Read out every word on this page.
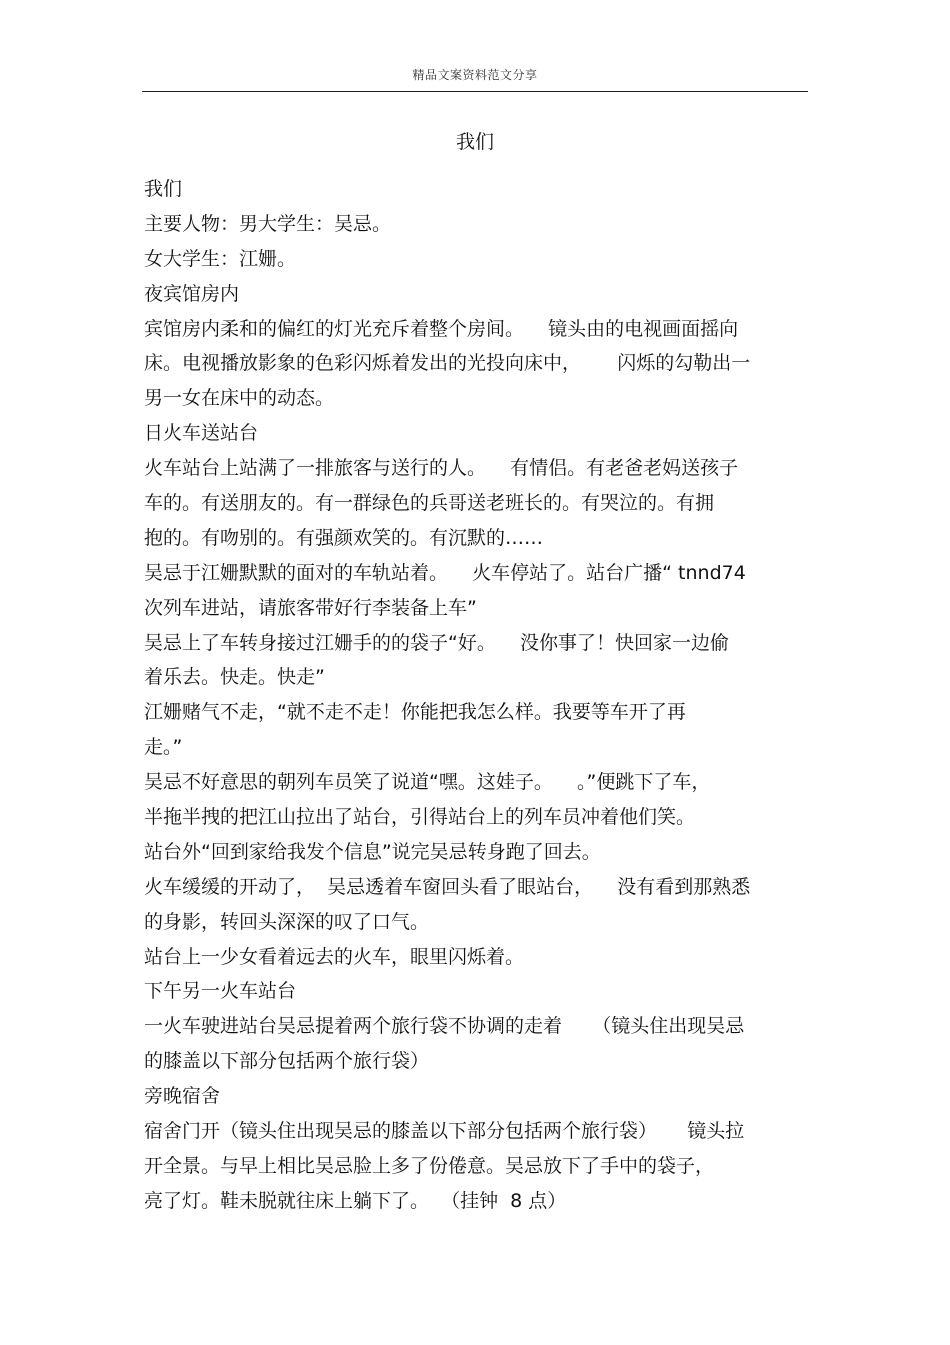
精品文案资料范文分享
我们
我们
主要人物：男大学生：吴忌。
女大学生：江姗。
夜宾馆房内
宾馆房内柔和的偏红的灯光充斥着整个房间。    镜头由的电视画面摇向
床。电视播放影象的色彩闪烁着发出的光投向床中，      闪烁的勾勒出一
男一女在床中的动态。
日火车送站台
火车站台上站满了一排旅客与送行的人。    有情侣。有老爸老妈送孩子
车的。有送朋友的。有一群绿色的兵哥送老班长的。有哭泣的。有拥
抱的。有吻别的。有强颜欢笑的。有沉默的……
吴忌于江姗默默的面对的车轨站着。    火车停站了。站台广播“ tnnd74
次列车进站，请旅客带好行李装备上车”
吴忌上了车转身接过江姗手的的袋子“好。    没你事了！快回家一边偷
着乐去。快走。快走”
江姗赌气不走，“就不走不走！你能把我怎么样。我要等车开了再
走。”
吴忌不好意思的朝列车员笑了说道“嘿。这娃子。    。”便跳下了车，
半拖半拽的把江山拉出了站台，引得站台上的列车员冲着他们笑。
站台外“回到家给我发个信息”说完吴忌转身跑了回去。
火车缓缓的开动了，  吴忌透着车窗回头看了眼站台，    没有看到那熟悉
的身影，转回头深深的叹了口气。
站台上一少女看着远去的火车，眼里闪烁着。
下午另一火车站台
一火车驶进站台吴忌提着两个旅行袋不协调的走着     （镜头住出现吴忌
的膝盖以下部分包括两个旅行袋）
旁晚宿舍
宿舍门开（镜头住出现吴忌的膝盖以下部分包括两个旅行袋）     镜头拉
开全景。与早上相比吴忌脸上多了份倦意。吴忌放下了手中的袋子，
亮了灯。鞋未脱就往床上躺下了。  （挂钟  8 点）
